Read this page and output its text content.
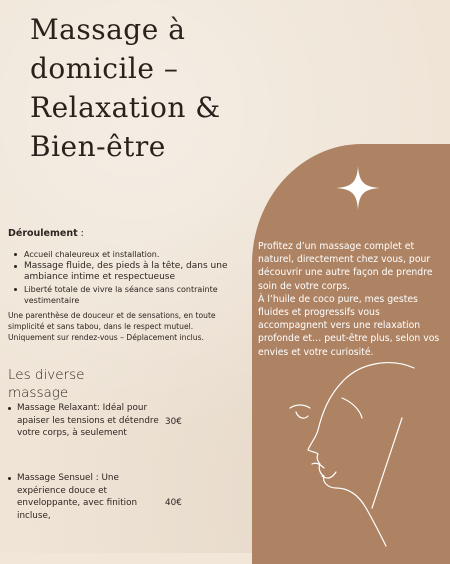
Massage à domicile – Relaxation & Bien-être

Profitez d’un massage complet et naturel, directement chez vous, pour découvrir une autre façon de prendre soin de votre corps.

À l’huile de coco pure, mes gestes fluides et progressifs vous accompagnent vers une relaxation profonde et… peut-être plus, selon vos envies et votre curiosité.

Déroulement :

Accueil chaleureux et installation.
Massage fluide, des pieds à la tête, dans une ambiance intime et respectueuse
Liberté totale de vivre la séance sans contrainte vestimentaire

Une parenthèse de douceur et de sensations, en toute simplicité et sans tabou, dans le respect mutuel.
Uniquement sur rendez-vous – Déplacement inclus.

Les diverse massage
Massage Relaxant: Idéal pour apaiser les tensions et détendre votre corps, à seulement
30€
Massage Sensuel : Une expérience douce et enveloppante, avec finition incluse,
40€
